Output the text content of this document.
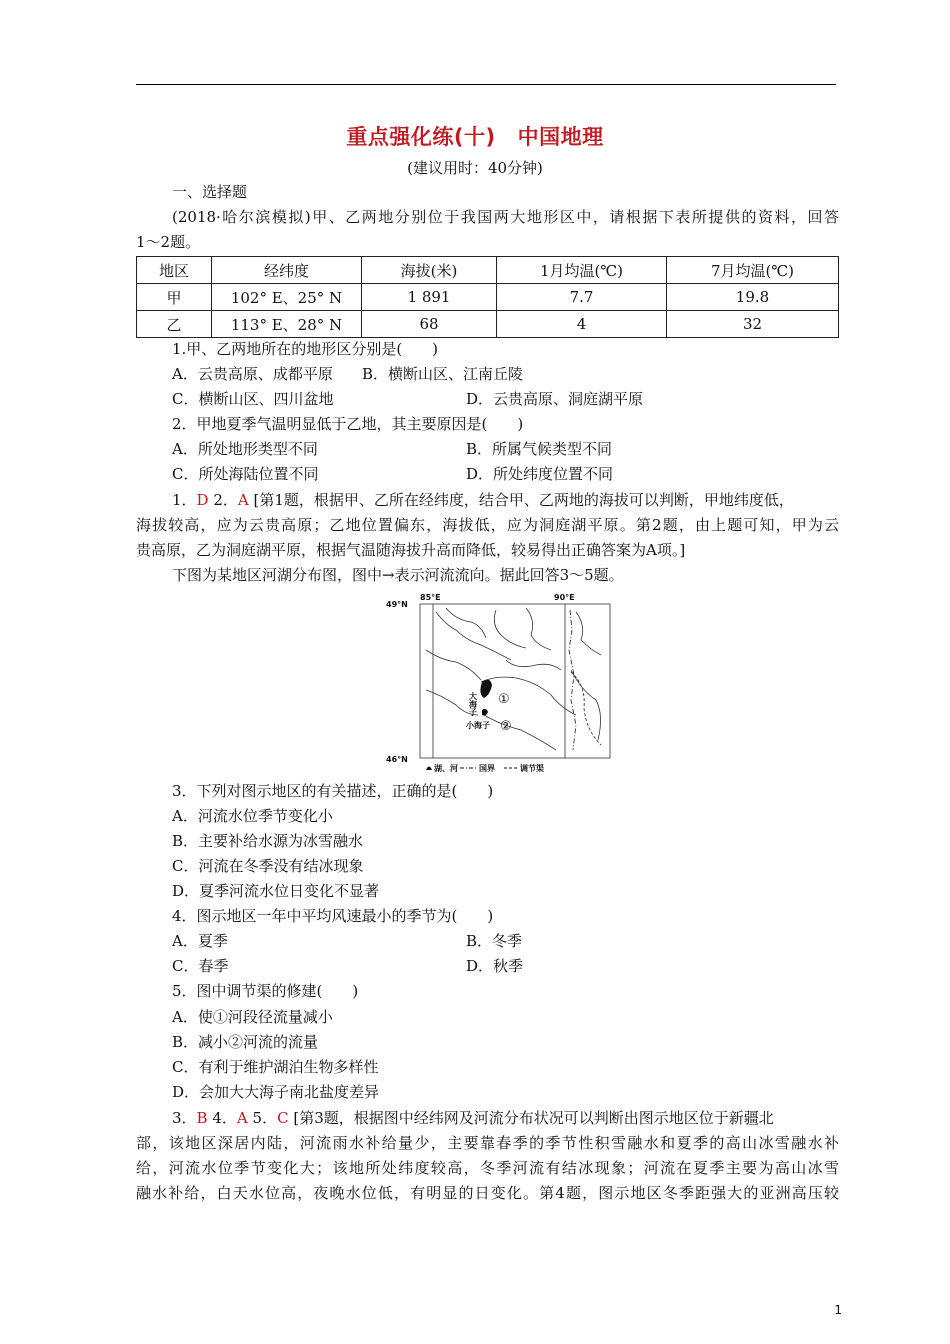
重点强化练(十) 中国地理
(建议用时：40分钟)
一、选择题
(2018·哈尔滨模拟)甲、乙两地分别位于我国两大地形区中，请根据下表所提供的资料，回答
1～2题。
地区	经纬度	海拔(米)	1月均温(℃)	7月均温(℃)
甲	102° E、25° N	1 891	7.7	19.8
乙	113° E、28° N	68	4	32
1.甲、乙两地所在的地形区分别是(　　)
A．云贵高原、成都平原 B．横断山区、江南丘陵
C．横断山区、四川盆地	D．云贵高原、洞庭湖平原
2．甲地夏季气温明显低于乙地，其主要原因是(　　)
A．所处地形类型不同	B．所属气候类型不同
C．所处海陆位置不同	D．所处纬度位置不同
1．D 2．A [第1题，根据甲、乙所在经纬度，结合甲、乙两地的海拔可以判断，甲地纬度低，
海拔较高，应为云贵高原；乙地位置偏东，海拔低，应为洞庭湖平原。第2题，由上题可知，甲为云
贵高原，乙为洞庭湖平原，根据气温随海拔升高而降低，较易得出正确答案为A项。]
下图为某地区河湖分布图，图中→表示河流流向。据此回答3～5题。
85°E	90°E
49°N
46°N
大海子
小海子
①
②
湖、河	国界	调节渠
3．下列对图示地区的有关描述，正确的是(　　)
A．河流水位季节变化小
B．主要补给水源为冰雪融水
C．河流在冬季没有结冰现象
D．夏季河流水位日变化不显著
4．图示地区一年中平均风速最小的季节为(　　)
A．夏季	B．冬季
C．春季	D．秋季
5．图中调节渠的修建(　　)
A．使①河段径流量减小
B．减小②河流的流量
C．有利于维护湖泊生物多样性
D．会加大大海子南北盐度差异
3．B 4．A 5．C [第3题，根据图中经纬网及河流分布状况可以判断出图示地区位于新疆北
部，该地区深居内陆，河流雨水补给量少，主要靠春季的季节性积雪融水和夏季的高山冰雪融水补
给，河流水位季节变化大；该地所处纬度较高，冬季河流有结冰现象；河流在夏季主要为高山冰雪
融水补给，白天水位高，夜晚水位低，有明显的日变化。第4题，图示地区冬季距强大的亚洲高压较
1
